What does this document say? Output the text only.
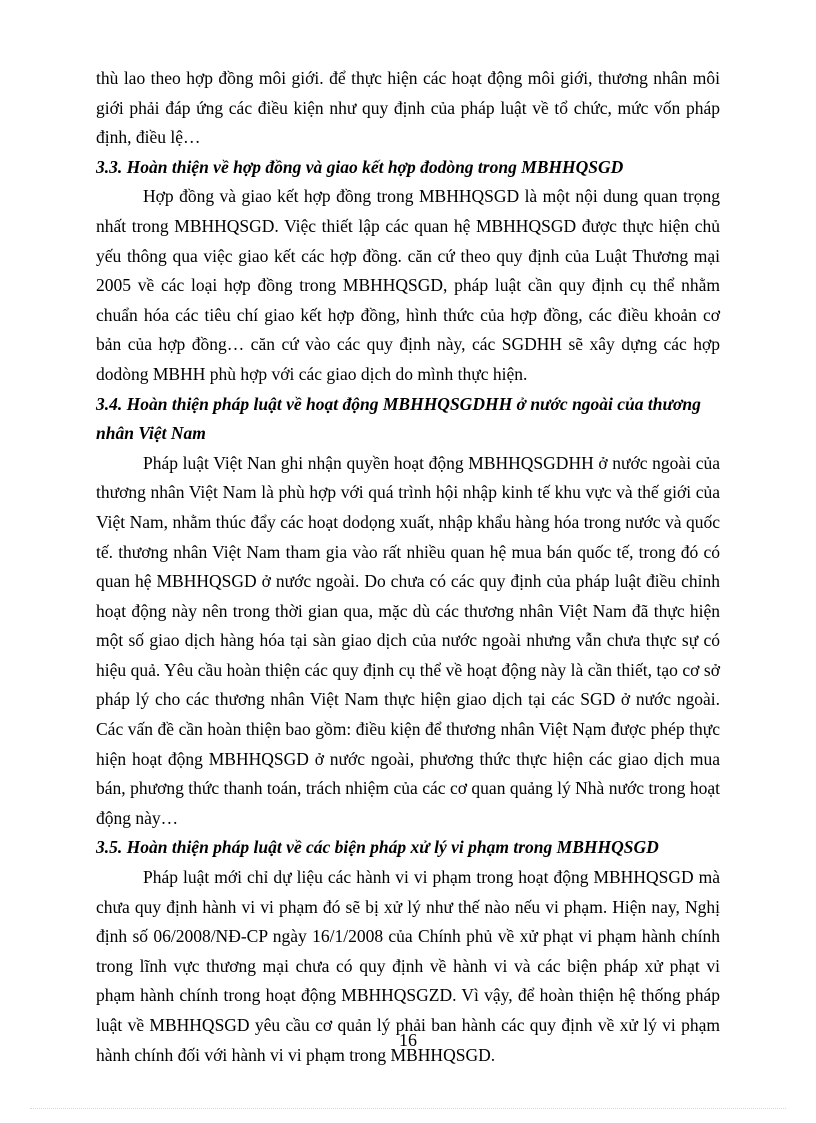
thù lao theo hợp đồng môi giới. để thực hiện các hoạt động môi giới, thương nhân môi giới phải đáp ứng các điều kiện như quy định của pháp luật về tổ chức, mức vốn pháp định, điều lệ…

3.3. Hoàn thiện về hợp đồng và giao kết hợp đodòng trong MBHHQSGD

Hợp đồng và giao kết hợp đồng trong MBHHQSGD là một nội dung quan trọng nhất trong MBHHQSGD. Việc thiết lập các quan hệ MBHHQSGD được thực hiện chủ yếu thông qua việc giao kết các hợp đồng. căn cứ theo quy định của Luật Thương mại 2005 về các loại hợp đồng trong MBHHQSGD, pháp luật cần quy định cụ thể nhằm chuẩn hóa các tiêu chí giao kết hợp đồng, hình thức của hợp đồng, các điều khoản cơ bản của hợp đồng… căn cứ vào các quy định này, các SGDHH sẽ xây dựng các hợp dodòng MBHH phù hợp với các giao dịch do mình thực hiện.

3.4. Hoàn thiện pháp luật về hoạt động MBHHQSGDHH ở nước ngoài của thương nhân Việt Nam

Pháp luật Việt Nan ghi nhận quyền hoạt động MBHHQSGDHH ở nước ngoài của thương nhân Việt Nam là phù hợp với quá trình hội nhập kinh tế khu vực và thế giới của Việt Nam, nhằm thúc đẩy các hoạt dodọng xuất, nhập khẩu hàng hóa trong nước và quốc tế. thương nhân Việt Nam tham gia vào rất nhiều quan hệ mua bán quốc tế, trong đó có quan hệ MBHHQSGD ở nước ngoài. Do chưa có các quy định của pháp luật điều chỉnh hoạt động này nên trong thời gian qua, mặc dù các thương nhân Việt Nam đã thực hiện một số giao dịch hàng hóa tại sàn giao dịch của nước ngoài nhưng vẫn chưa thực sự có hiệu quả. Yêu cầu hoàn thiện các quy định cụ thể về hoạt động này là cần thiết, tạo cơ sở pháp lý cho các thương nhân Việt Nam thực hiện giao dịch tại các SGD ở nước ngoài. Các vấn đề cần hoàn thiện bao gồm: điều kiện để thương nhân Việt Nạm được phép thực hiện hoạt động MBHHQSGD ở nước ngoài, phương thức thực hiện các giao dịch mua bán, phương thức thanh toán, trách nhiệm của các cơ quan quảng lý Nhà nước trong hoạt động này…

3.5. Hoàn thiện pháp luật về các biện pháp xử lý vi phạm trong MBHHQSGD

Pháp luật mới chỉ dự liệu các hành vi vi phạm trong hoạt động MBHHQSGD mà chưa quy định hành vi vi phạm đó sẽ bị xử lý như thế nào nếu vi phạm. Hiện nay, Nghị định số 06/2008/NĐ-CP ngày 16/1/2008 của Chính phủ về xử phạt vi phạm hành chính trong lĩnh vực thương mại chưa có quy định về hành vi và các biện pháp xử phạt vi phạm hành chính trong hoạt động MBHHQSGZD. Vì vậy, để hoàn thiện hệ thống pháp luật về MBHHQSGD yêu cầu cơ quản lý phải ban hành các quy định về xử lý vi phạm hành chính đối với hành vi vi phạm trong MBHHQSGD.

16
